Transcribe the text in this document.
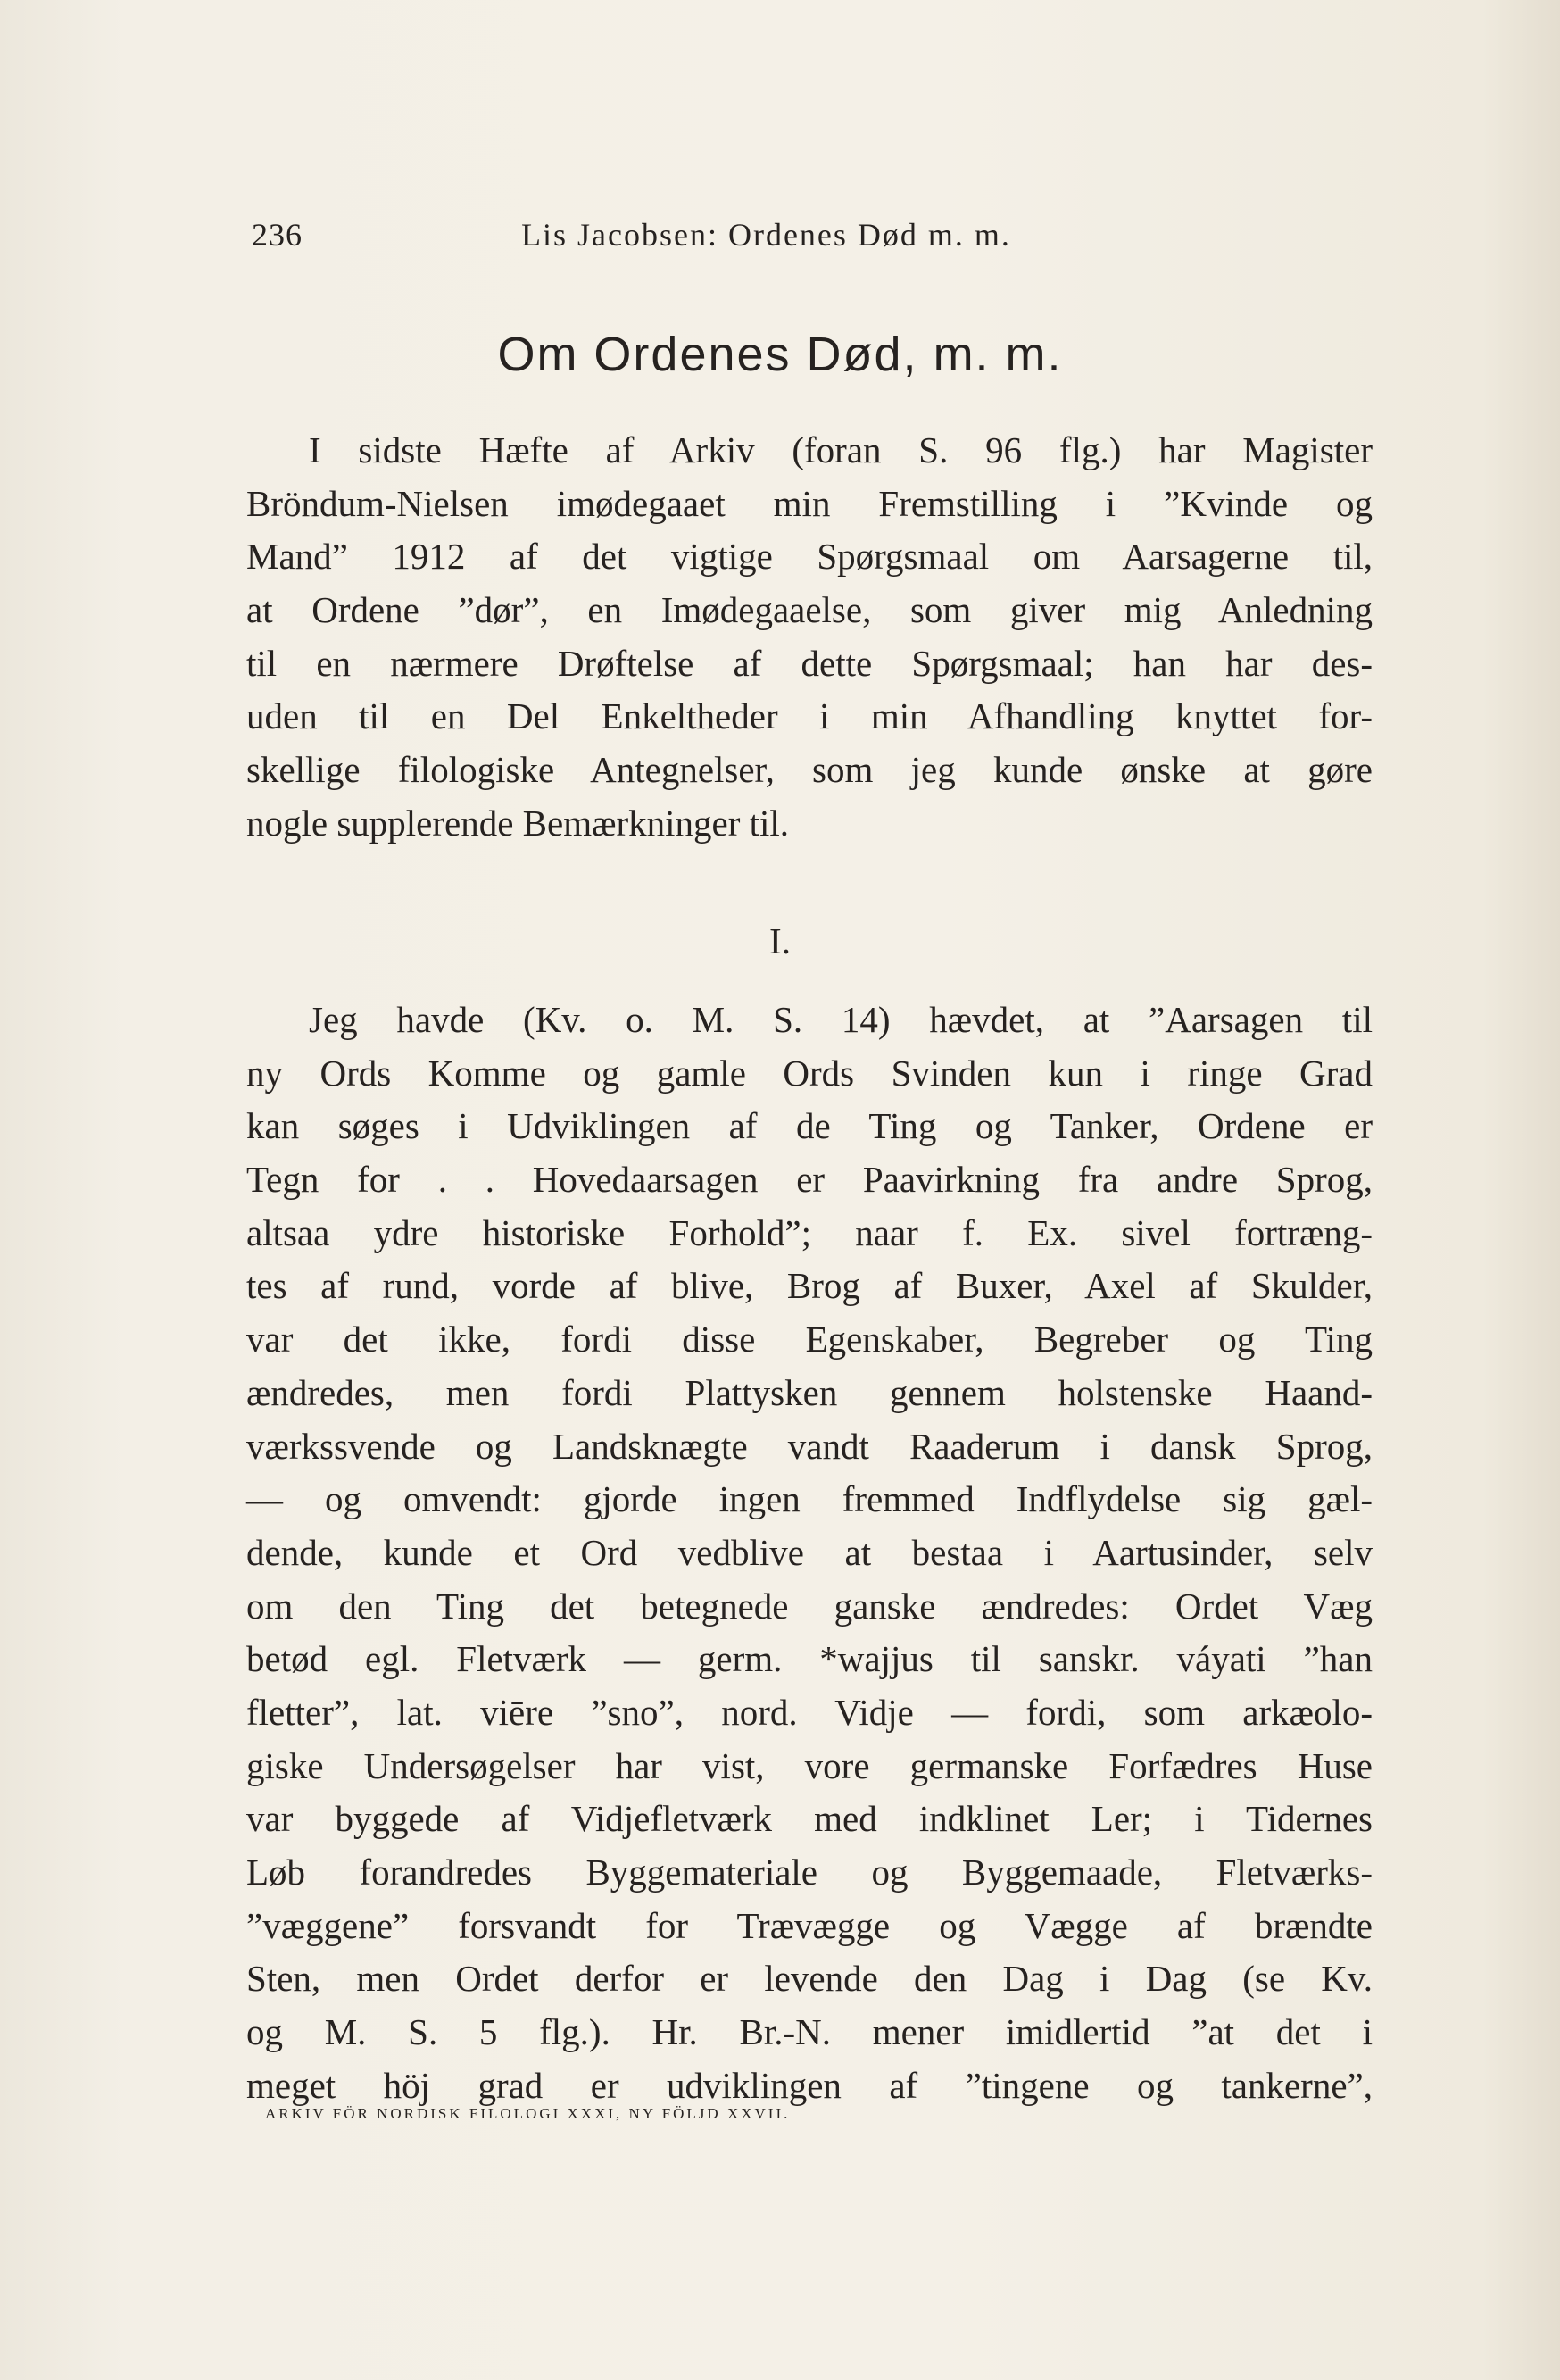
236	Lis Jacobsen: Ordenes Død m. m.
Om Ordenes Død, m. m.
I sidste Hæfte af Arkiv (foran S. 96 flg.) har Magister
Bröndum-Nielsen imødegaaet min Fremstilling i ”Kvinde og
Mand” 1912 af det vigtige Spørgsmaal om Aarsagerne til,
at Ordene ”dør”, en Imødegaaelse, som giver mig Anledning
til en nærmere Drøftelse af dette Spørgsmaal; han har des-
uden til en Del Enkeltheder i min Afhandling knyttet for-
skellige filologiske Antegnelser, som jeg kunde ønske at gøre
nogle supplerende Bemærkninger til.
I.
Jeg havde (Kv. o. M. S. 14) hævdet, at ”Aarsagen til
ny Ords Komme og gamle Ords Svinden kun i ringe Grad
kan søges i Udviklingen af de Ting og Tanker, Ordene er
Tegn for . . Hovedaarsagen er Paavirkning fra andre Sprog,
altsaa ydre historiske Forhold”; naar f. Ex. sivel fortræng-
tes af rund, vorde af blive, Brog af Buxer, Axel af Skulder,
var det ikke, fordi disse Egenskaber, Begreber og Ting
ændredes, men fordi Plattysken gennem holstenske Haand-
værkssvende og Landsknægte vandt Raaderum i dansk Sprog,
— og omvendt: gjorde ingen fremmed Indflydelse sig gæl-
dende, kunde et Ord vedblive at bestaa i Aartusinder, selv
om den Ting det betegnede ganske ændredes: Ordet Væg
betød egl. Fletværk — germ. *wajjus til sanskr. váyati ”han
fletter”, lat. viēre ”sno”, nord. Vidje — fordi, som arkæolo-
giske Undersøgelser har vist, vore germanske Forfædres Huse
var byggede af Vidjefletværk med indklinet Ler; i Tidernes
Løb forandredes Byggemateriale og Byggemaade, Fletværks-
”væggene” forsvandt for Trævægge og Vægge af brændte
Sten, men Ordet derfor er levende den Dag i Dag (se Kv.
og M. S. 5 flg.). Hr. Br.-N. mener imidlertid ”at det i
meget höj grad er udviklingen af ”tingene og tankerne”,
ARKIV FÖR NORDISK FILOLOGI XXXI, NY FÖLJD XXVII.
